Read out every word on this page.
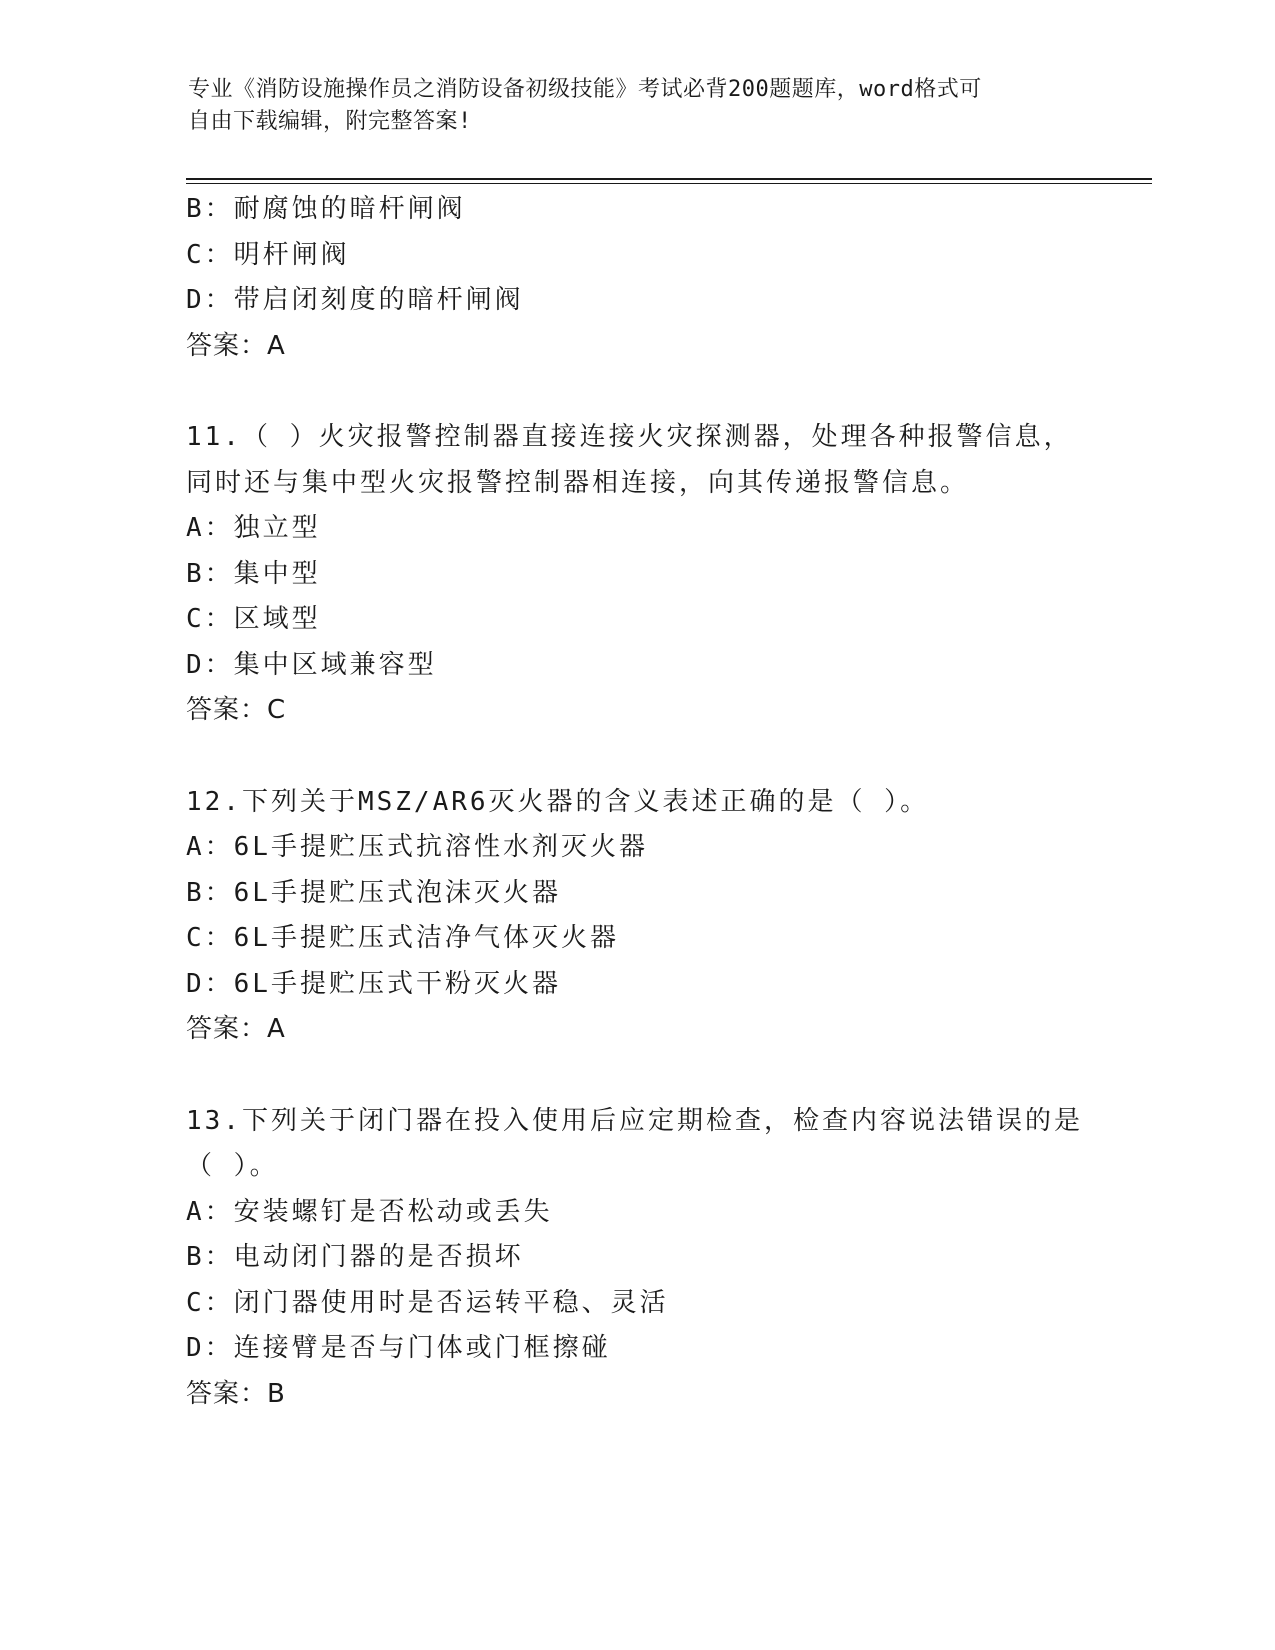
专业《消防设施操作员之消防设备初级技能》考试必背200题题库，word格式可
自由下载编辑，附完整答案!
B：耐腐蚀的暗杆闸阀
C：明杆闸阀
D：带启闭刻度的暗杆闸阀
答案：A
11.（ ）火灾报警控制器直接连接火灾探测器，处理各种报警信息，
同时还与集中型火灾报警控制器相连接，向其传递报警信息。
A：独立型
B：集中型
C：区域型
D：集中区域兼容型
答案：C
12.下列关于MSZ/AR6灭火器的含义表述正确的是（ ）。
A：6L手提贮压式抗溶性水剂灭火器
B：6L手提贮压式泡沫灭火器
C：6L手提贮压式洁净气体灭火器
D：6L手提贮压式干粉灭火器
答案：A
13.下列关于闭门器在投入使用后应定期检查，检查内容说法错误的是
（ ）。
A：安装螺钉是否松动或丢失
B：电动闭门器的是否损坏
C：闭门器使用时是否运转平稳、灵活
D：连接臂是否与门体或门框擦碰
答案：B
